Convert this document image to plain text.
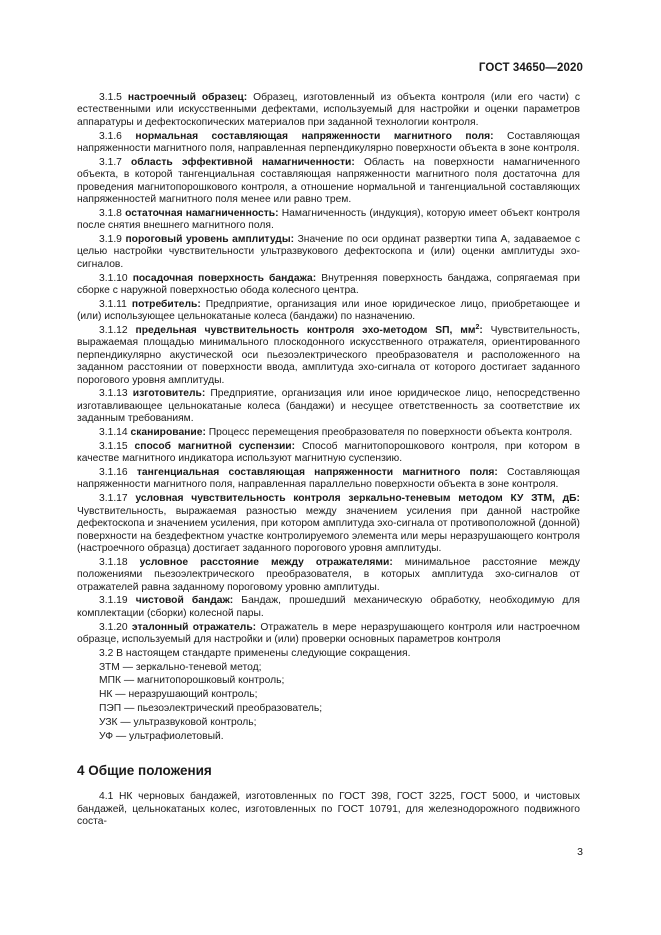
ГОСТ 34650—2020

3.1.5 настроечный образец: Образец, изготовленный из объекта контроля (или его части) с естественными или искусственными дефектами, используемый для настройки и оценки параметров аппаратуры и дефектоскопических материалов при заданной технологии контроля.

3.1.6 нормальная составляющая напряженности магнитного поля: Составляющая напряженности магнитного поля, направленная перпендикулярно поверхности объекта в зоне контроля.

3.1.7 область эффективной намагниченности: Область на поверхности намагниченного объекта, в которой тангенциальная составляющая напряженности магнитного поля достаточна для проведения магнитопорошкового контроля, а отношение нормальной и тангенциальной составляющих напряженностей магнитного поля менее или равно трем.

3.1.8 остаточная намагниченность: Намагниченность (индукция), которую имеет объект контроля после снятия внешнего магнитного поля.

3.1.9 пороговый уровень амплитуды: Значение по оси ординат развертки типа А, задаваемое с целью настройки чувствительности ультразвукового дефектоскопа и (или) оценки амплитуды эхо-сигналов.

3.1.10 посадочная поверхность бандажа: Внутренняя поверхность бандажа, сопрягаемая при сборке с наружной поверхностью обода колесного центра.

3.1.11 потребитель: Предприятие, организация или иное юридическое лицо, приобретающее и (или) использующее цельнокатаные колеса (бандажи) по назначению.

3.1.12 предельная чувствительность контроля эхо-методом SП, $мм^2$: Чувствительность, выражаемая площадью минимального плоскодонного искусственного отражателя, ориентированного перпендикулярно акустической оси пьезоэлектрического преобразователя и расположенного на заданном расстоянии от поверхности ввода, амплитуда эхо-сигнала от которого достигает заданного порогового уровня амплитуды.

3.1.13 изготовитель: Предприятие, организация или иное юридическое лицо, непосредственно изготавливающее цельнокатаные колеса (бандажи) и несущее ответственность за соответствие их заданным требованиям.

3.1.14 сканирование: Процесс перемещения преобразователя по поверхности объекта контроля.

3.1.15 способ магнитной суспензии: Способ магнитопорошкового контроля, при котором в качестве магнитного индикатора используют магнитную суспензию.

3.1.16 тангенциальная составляющая напряженности магнитного поля: Составляющая напряженности магнитного поля, направленная параллельно поверхности объекта в зоне контроля.

3.1.17 условная чувствительность контроля зеркально-теневым методом КУ ЗТМ, дБ: Чувствительность, выражаемая разностью между значением усиления при данной настройке дефектоскопа и значением усиления, при котором амплитуда эхо-сигнала от противоположной (донной) поверхности на бездефектном участке контролируемого элемента или меры неразрушающего контроля (настроечного образца) достигает заданного порогового уровня амплитуды.

3.1.18 условное расстояние между отражателями: минимальное расстояние между положениями пьезоэлектрического преобразователя, в которых амплитуда эхо-сигналов от отражателей равна заданному пороговому уровню амплитуды.

3.1.19 чистовой бандаж: Бандаж, прошедший механическую обработку, необходимую для комплектации (сборки) колесной пары.

3.1.20 эталонный отражатель: Отражатель в мере неразрушающего контроля или настроечном образце, используемый для настройки и (или) проверки основных параметров контроля

3.2 В настоящем стандарте применены следующие сокращения.

ЗТМ — зеркально-теневой метод;

МПК — магнитопорошковый контроль;

НК — неразрушающий контроль;

ПЭП — пьезоэлектрический преобразователь;

УЗК — ультразвуковой контроль;

УФ — ультрафиолетовый.

4 Общие положения

4.1 НК черновых бандажей, изготовленных по ГОСТ 398, ГОСТ 3225, ГОСТ 5000, и чистовых бандажей, цельнокатаных колес, изготовленных по ГОСТ 10791, для железнодорожного подвижного соста-

3
